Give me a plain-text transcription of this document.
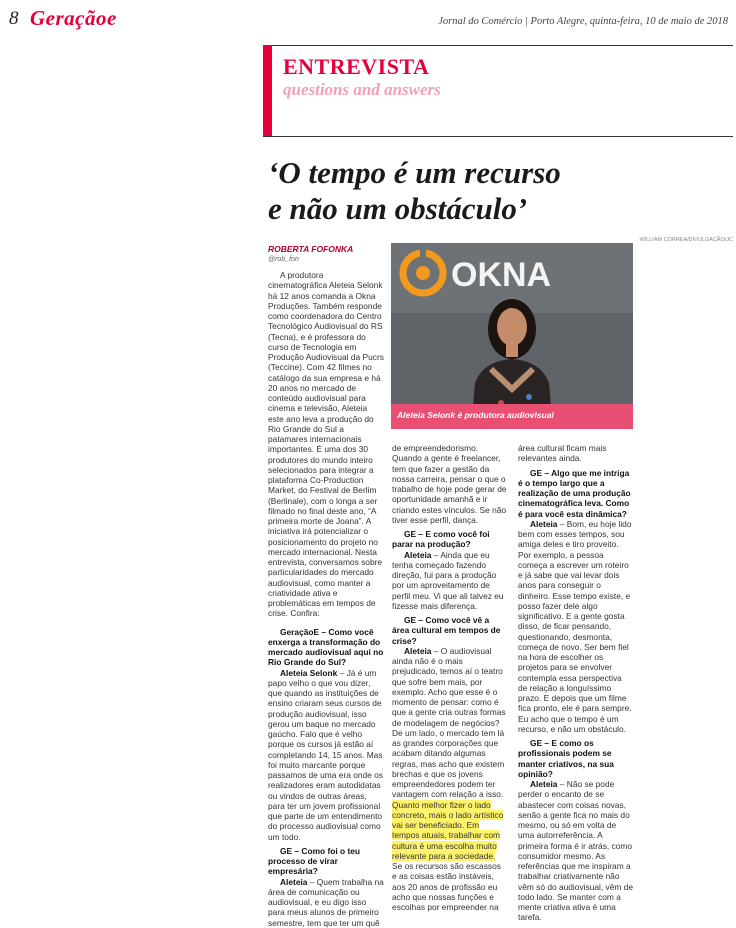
8 Geraçãoe	Jornal do Comércio | Porto Alegre, quinta-feira, 10 de maio de 2018
ENTREVISTA
questions and answers
‘O tempo é um recurso
e não um obstáculo’
WILLIAM CORREA/DIVULGAÇÃO/JC
ROBERTA FOFONKA
@rob_fon	OKNA
Aleteia Selonk é produtora audiovisual

A produtora cinematográfica Aleteia Selonk há 12 anos comanda a Okna Produções. Também responde como coordenadora do Centro Tecnológico Audiovisual do RS (Tecna), e é professora do curso de Tecnologia em Produção Audiovisual da Pucrs (Teccine). Com 42 filmes no catálogo da sua empresa e há 20 anos no mercado de conteúdo audiovisual para cinema e televisão, Aleteia este ano leva a produção do Rio Grande do Sul a patamares internacionais importantes. É uma dos 30 produtores do mundo inteiro selecionados para integrar a plataforma Co-Production Market, do Festival de Berlim (Berlinale), com o longa a ser filmado no final deste ano, “A primeira morte de Joana”. A iniciativa irá potencializar o posicionamento do projeto no mercado internacional. Nesta entrevista, conversamos sobre particularidades do mercado audiovisual, como manter a criatividade ativa e problemáticas em tempos de crise. Confira:

GeraçãoE – Como você enxerga a transformação do mercado audiovisual aqui no Rio Grande do Sul?

Aleteia Selonk – Já é um papo velho o que vou dizer, que quando as instituições de ensino criaram seus cursos de produção audiovisual, isso gerou um baque no mercado gaúcho. Falo que é velho porque os cursos já estão aí completando 14, 15 anos. Mas foi muito marcante porque passamos de uma era onde os realizadores eram autodidatas ou vindos de outras áreas, para ter um jovem profissional que parte de um entendimento do processo audiovisual como um todo.

GE – Como foi o teu processo de virar empresária?

Aleteia – Quem trabalha na área de comunicação ou audiovisual, e eu digo isso para meus alunos de primeiro semestre, tem que ter um quê

de empreendedorismo. Quando a gente é freelancer, tem que fazer a gestão da nossa carreira, pensar o que o trabalho de hoje pode gerar de oportunidade amanhã e ir criando estes vínculos. Se não tiver esse perfil, dança.

GE – E como você foi parar na produção?

Aleteia – Ainda que eu tenha começado fazendo direção, fui para a produção por um aproveitamento de perfil meu. Vi que ali talvez eu fizesse mais diferença.

GE – Como você vê a área cultural em tempos de crise?

Aleteia – O audiovisual ainda não é o mais prejudicado, temos aí o teatro que sofre bem mais, por exemplo. Acho que esse é o momento de pensar: como é que a gente cria outras formas de modelagem de negócios? De um lado, o mercado tem lá as grandes corporações que acabam ditando algumas regras, mas acho que existem brechas e que os jovens empreendedores podem ter vantagem com relação a isso. Quanto melhor fizer o lado concreto, mais o lado artístico vai ser beneficiado. Em tempos atuais, trabalhar com cultura é uma escolha muito relevante para a sociedade. Se os recursos são escassos e as coisas estão instáveis, aos 20 anos de profissão eu acho que nossas funções e escolhas por empreender na

área cultural ficam mais relevantes ainda.

GE – Algo que me intriga é o tempo largo que a realização de uma produção cinematográfica leva. Como é para você esta dinâmica?

Aleteia – Bom, eu hoje lido bem com esses tempos, sou amiga deles e tiro proveito. Por exemplo, a pessoa começa a escrever um roteiro e já sabe que vai levar dois anos para conseguir o dinheiro. Esse tempo existe, e posso fazer dele algo significativo. E a gente gosta disso, de ficar pensando, questionando, desmonta, começa de novo. Ser bem fiel na hora de escolher os projetos para se envolver contempla essa perspectiva de relação a longuíssimo prazo. E depois que um filme fica pronto, ele é para sempre. Eu acho que o tempo é um recurso, e não um obstáculo.

GE – E como os profissionais podem se manter criativos, na sua opinião?

Aleteia – Não se pode perder o encanto de se abastecer com coisas novas, senão a gente fica no mais do mesmo, ou só em volta de uma autorreferência. A primeira forma é ir atrás, como consumidor mesmo. As referências que me inspiram a trabalhar criativamente não vêm só do audiovisual, vêm de todo lado. Se manter com a mente criativa ativa é uma tarefa.
